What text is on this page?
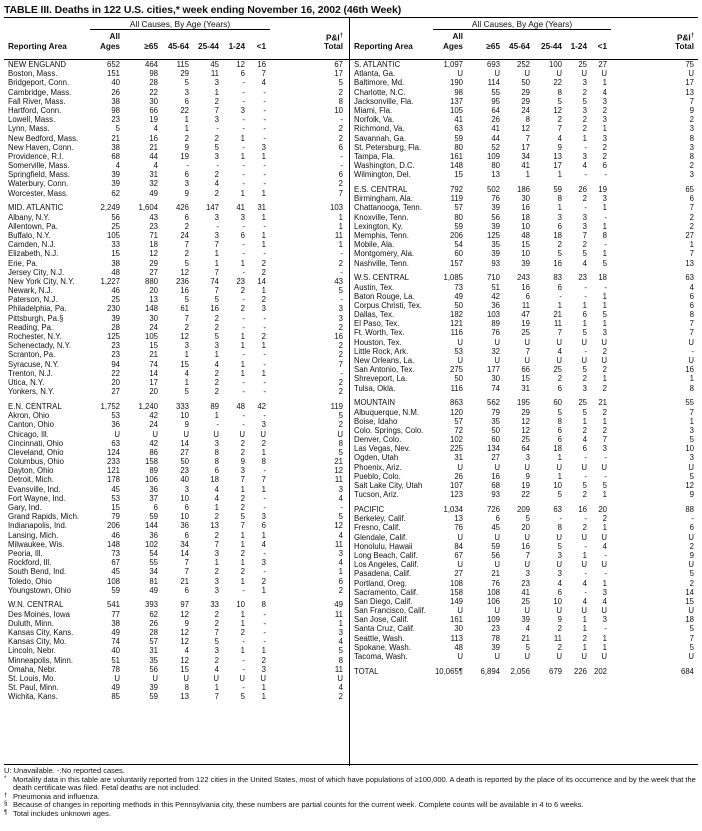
TABLE III. Deaths in 122 U.S. cities,* week ending November 16, 2002 (46th Week)
Reporting Area
All
Ages	≥65 45-64 25-44 1-24 <1	Total
P&I†
All Causes, By Age (Years)
Reporting Area
All
Ages	≥65 45-64 25-44 1-24 <1	Total
P&I†
All Causes, By Age (Years)
NEW ENGLAND	652	464 115	45 12 16	67
Boston, Mass.	151	98	29	11	6 7	17
Bridgeport, Conn.	40	28	5	3	- 4	5
Cambridge, Mass.	26	22	3	1	- -	2
Fall River, Mass.	38	30	6	2	- -	8
Hartford, Conn.	98	66	22	7	3 -	10
Lowell, Mass.	23	19	1	3	- -	-
Lynn, Mass.	5	4	1	-	- -	2
New Bedford, Mass.	21	16	2	2	1 -	2
New Haven, Conn.	38	21	9	5	- 3	6
Providence, R.I.	68	44	19	3	1 1	-
Somerville, Mass.	4	4	-	-	- -	-
Springfield, Mass.	39	31	6	2	- -	6
Waterbury, Conn.	39	32	3	4	- -	2
Worcester, Mass.	62	49	9	2	1 1	7
MID. ATLANTIC	2,249 1,604 426 147 41 31	103
Albany, N.Y.	56	43	6	3	3 1	1
Allentown, Pa.	25	23	2	-	- -	1
Buffalo, N.Y.	105	71	24	3	6 1	11
Camden, N.J.	33	18	7	7	- 1	1
Elizabeth, N.J.	15	12	2	1	- -	-
Erie, Pa.	38	29	5	1	1 2	2
Jersey City, N.J.	48	27	12	7	- 2	-
New York City, N.Y.	1,227	880 236	74 23 14	43
Newark, N.J.	46	20	16	7	2 1	5
Paterson, N.J.	25	13	5	5	- 2	-
Philadelphia, Pa.	230	148	61	16	2 3	3
Pittsburgh, Pa.§	39	30	7	2	- -	3
Reading, Pa.	28	24	2	2	- -	2
Rochester, N.Y.	125	105	12	5	1 2	16
Schenectady, N.Y.	23	15	3	3	1 1	2
Scranton, Pa.	23	21	1	1	- -	2
Syracuse, N.Y.	94	74	15	4	1 -	7
Trenton, N.J.	22	14	4	2	1 1	-
Utica, N.Y.	20	17	1	2	- -	2
Yonkers, N.Y.	27	20	5	2	- -	2
E.N. CENTRAL	1,752 1,240 333	89 48 42	119
Akron, Ohio	53	42	10	1	- -	5
Canton, Ohio	36	24	9	-	- 3	2
Chicago, Ill.	U	U	U	U	U U	U
Cincinnati, Ohio	63	42	14	3	2 2	8
Cleveland, Ohio	124	86	27	8	2 1	5
Columbus, Ohio	233	158	50	8	9 8	21
Dayton, Ohio	121	89	23	6	3 -	12
Detroit, Mich.	178	106	40	18	7 7	11
Evansville, Ind.	45	36	3	4	1 1	3
Fort Wayne, Ind.	53	37	10	4	2 -	4
Gary, Ind.	15	6	6	1	2 -	-
Grand Rapids, Mich.	79	59	10	2	5 3	5
Indianapolis, Ind.	206	144	36	13	7 6	12
Lansing, Mich.	46	36	6	2	1 1	4
Milwaukee, Wis.	148	102	34	7	1 4	11
Peoria, Ill.	73	54	14	3	2 -	3
Rockford, Ill.	67	55	7	1	1 3	4
South Bend, Ind.	45	34	7	2	2 -	1
Toledo, Ohio	108	81	21	3	1 2	6
Youngstown, Ohio	59	49	6	3	- 1	2
W.N. CENTRAL	541	393	97	33 10 8	49
Des Moines, Iowa	77	62	12	2	1 -	11
Duluth, Minn.	38	26	9	2	1 -	1
Kansas City, Kans.	49	28	12	7	2 -	3
Kansas City, Mo.	74	57	12	5	- -	4
Lincoln, Nebr.	40	31	4	3	1 1	5
Minneapolis, Minn.	51	35	12	2	- 2	8
Omaha, Nebr.	78	56	15	4	- 3	11
St. Louis, Mo.	U	U	U	U	U U	U
St. Paul, Minn.	49	39	8	1	- 1	4
Wichita, Kans.	85	59	13	7	5 1	2
S. ATLANTIC	1,097	693 252 100 25 27	75
Atlanta, Ga.	U	U	U	U U U	U
Baltimore, Md.	190	114	50	22	3 1	17
Charlotte, N.C.	98	55	29	8	2 4	13
Jacksonville, Fla.	137	95	29	5	5 3	7
Miami, Fla.	105	64	24	12	3 2	9
Norfolk, Va.	41	26	8	2	2 3	2
Richmond, Va.	63	41	12	7	2 1	3
Savannah, Ga.	59	44	7	4	1 3	8
St. Petersburg, Fla.	80	52	17	9	- 2	3
Tampa, Fla.	161	109	34	13	3 2	8
Washington, D.C.	148	80	41	17	4 6	2
Wilmington, Del.	15	13	1	1	- -	3
E.S. CENTRAL	792	502 186	59 26 19	65
Birmingham, Ala.	119	76	30	8	2 3	6
Chattanooga, Tenn.	57	39	16	1	- 1	7
Knoxville, Tenn.	80	56	18	3	3 -	2
Lexington, Ky.	59	39	10	6	3 1	2
Memphis, Tenn.	206	125	48	18	7 8	27
Mobile, Ala.	54	35	15	2	2 -	1
Montgomery, Ala.	60	39	10	5	5 1	7
Nashville, Tenn.	157	93	39	16	4 5	13
W.S. CENTRAL	1,085	710 243	83 23 18	63
Austin, Tex.	73	51	16	6	- -	4
Baton Rouge, La.	49	42	6	-	- 1	6
Corpus Christi, Tex.	50	36	11	1	1 1	6
Dallas, Tex.	182	103	47	21	6 5	8
El Paso, Tex.	121	89	19	11	1 1	7
Ft. Worth, Tex.	116	76	25	7	5 3	7
Houston, Tex.	U	U	U	U U U	U
Little Rock, Ark.	53	32	7	4	- 2	-
New Orleans, La.	U	U	U	U U U	U
San Antonio, Tex.	275	177	66	25	5 2	16
Shreveport, La.	50	30	15	2	2 1	1
Tulsa, Okla.	116	74	31	6	3 2	8
MOUNTAIN	863	562 195	60 25 21	55
Albuquerque, N.M.	120	79	29	5	5 2	7
Boise, Idaho	57	35	12	8	1 1	1
Colo. Springs, Colo.	72	50	12	6	2 2	3
Denver, Colo.	102	60	25	6	4 7	5
Las Vegas, Nev.	225	134	64	18	6 3	10
Ogden, Utah	31	27	3	1	- -	3
Phoenix, Ariz.	U	U	U	U U U	U
Pueblo, Colo.	26	16	9	1	- -	5
Salt Lake City, Utah	107	68	19	10	5 5	12
Tucson, Ariz.	123	93	22	5	2 1	9
PACIFIC	1,034	726 209	63 16 20	88
Berkeley, Calif.	13	6	5	-	- 2	-
Fresno, Calif.	76	45	20	8	2 1	6
Glendale, Calif.	U	U	U	U U U	U
Honolulu, Hawaii	84	59	16	5	- 4	2
Long Beach, Calif.	67	56	7	3	1 -	9
Los Angeles, Calif.	U	U	U	U U U	U
Pasadena, Calif.	27	21	3	3	- -	5
Portland, Oreg.	108	76	23	4	4 1	2
Sacramento, Calif.	158	108	41	6	- 3	14
San Diego, Calif.	149	106	25	10	4 4	15
San Francisco, Calif.	U	U	U	U U U	U
San Jose, Calif.	161	109	39	9	1 3	18
Santa Cruz, Calif.	30	23	4	2	1 -	5
Seattle, Wash.	113	78	21	11	2 1	7
Spokane, Wash.	48	39	5	2	1 1	5
Tacoma, Wash.	U	U	U	U U U	U
TOTAL	10,065¶ 6,894 2,056 679 226 202	684
U: Unavailable. -:No reported cases.
* Mortality data in this table are voluntarily reported from 122 cities in the United States, most of which have populations of ≥100,000. A death is reported by the place of its occurrence and by the week that the death certificate was filed. Fetal deaths are not included.
† Pneumonia and influenza.
§ Because of changes in reporting methods in this Pennsylvania city, these numbers are partial counts for the current week. Complete counts will be available in 4 to 6 weeks.
¶ Total includes unknown ages.
